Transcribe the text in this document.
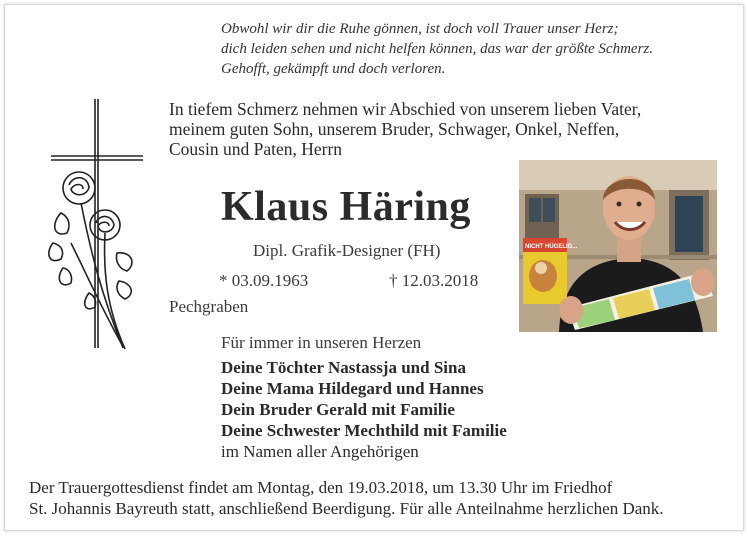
Obwohl wir dir die Ruhe gönnen, ist doch voll Trauer unser Herz;
dich leiden sehen und nicht helfen können, das war der größte Schmerz.
Gehofft, gekämpft und doch verloren.
In tiefem Schmerz nehmen wir Abschied von unserem lieben Vater,
meinem guten Sohn, unserem Bruder, Schwager, Onkel, Neffen,
Cousin und Paten, Herrn
Klaus Häring
Dipl. Grafik-Designer (FH)
* 03.09.1963	† 12.03.2018
Pechgraben
NICHT HÜGELIG...
Für immer in unseren Herzen
Deine Töchter Nastassja und Sina
Deine Mama Hildegard und Hannes
Dein Bruder Gerald mit Familie
Deine Schwester Mechthild mit Familie
im Namen aller Angehörigen
Der Trauergottesdienst findet am Montag, den 19.03.2018, um 13.30 Uhr im Friedhof
St. Johannis Bayreuth statt, anschließend Beerdigung. Für alle Anteilnahme herzlichen Dank.
